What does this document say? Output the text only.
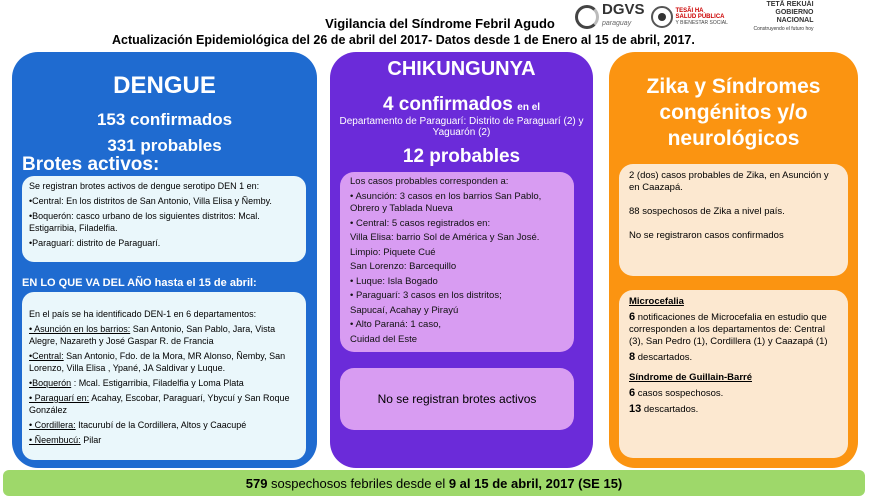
Vigilancia del Síndrome Febril Agudo
Actualización Epidemiológica del 26 de abril del 2017- Datos desde 1 de Enero al 15 de abril, 2017.
DGVS
paraguay
TESÃI HA
SALUD PÚBLICA
Y BIENESTAR SOCIAL
TETÃ REKUÁI
GOBIERNO NACIONAL
Construyendo el futuro hoy
DENGUE
153 confirmados
331 probables
Brotes activos:

Se registran brotes activos de dengue serotipo DEN 1 en:

•Central: En los distritos de San Antonio, Villa Elisa y Ñemby.

•Boquerón: casco urbano de los siguientes distritos: Mcal. Estigarribia, Filadelfia.

•Paraguarí: distrito de Paraguarí.

EN LO QUE VA DEL AÑO hasta el 15 de abril:

En el país se ha identificado DEN-1 en 6 departamentos:

• Asunción en los barrios: San Antonio, San Pablo, Jara, Vista Alegre, Nazareth y José Gaspar R. de Francia

•Central: San Antonio, Fdo. de la Mora, MR Alonso, Ñemby, San Lorenzo, Villa Elisa , Ypané, JA Saldivar y Luque.

•Boquerón : Mcal. Estigarribia, Filadelfia y Loma Plata

• Paraguarí en: Acahay, Escobar, Paraguarí, Ybycuí y San Roque González

• Cordillera: Itacurubí de la Cordillera, Altos y Caacupé

• Ñeembucú: Pilar

CHIKUNGUNYA
4 confirmados en el
Departamento de Paraguarí: Distrito de Paraguarí (2) y Yaguarón (2)
12 probables

Los casos probables corresponden a:

• Asunción: 3 casos en los barrios San Pablo, Obrero y Tablada Nueva

• Central: 5 casos registrados en:

Villa Elisa: barrio Sol de América y San José.

Limpio: Piquete Cué

San Lorenzo: Barcequillo

• Luque: Isla Bogado

• Paraguarí: 3 casos en los distritos;

Sapucaí, Acahay y Pirayú

• Alto Paraná: 1 caso,

Cuidad del Este

No se registran brotes activos
Zika y Síndromes congénitos y/o neurológicos

2 (dos) casos probables de Zika, en Asunción y en Caazapá.

88 sospechosos de Zika a nivel país.

No se registraron casos confirmados

Microcefalia

6 notificaciones de Microcefalia en estudio que corresponden a los departamentos de: Central (3), San Pedro (1), Cordillera (1) y Caazapá (1)

8 descartados.

Síndrome de Guillain-Barré

6 casos sospechosos.

13 descartados.

579 sospechosos febriles desde el 9 al 15 de abril, 2017 (SE 15)
